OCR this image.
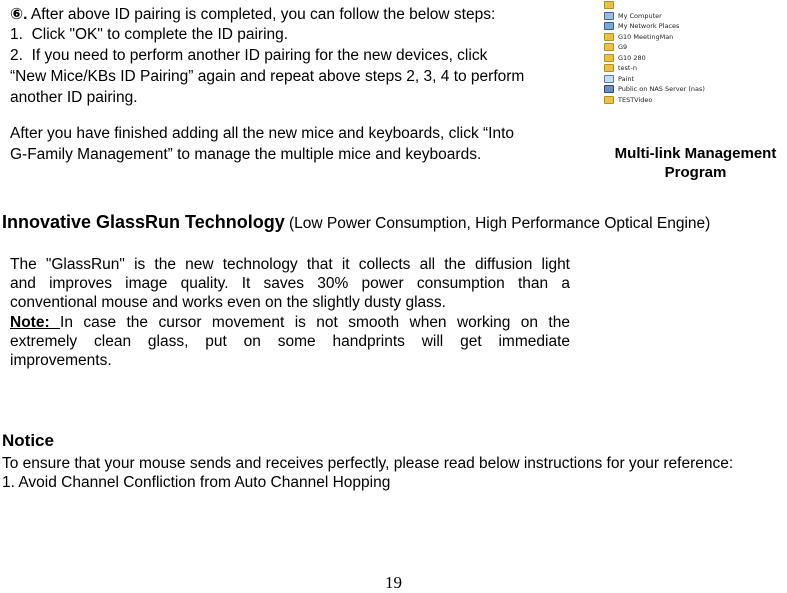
⑥. After above ID pairing is completed, you can follow the below steps:
1. Click "OK" to complete the ID pairing.
2. If you need to perform another ID pairing for the new devices, click
“New Mice/KBs ID Pairing” again and repeat above steps 2, 3, 4 to perform
another ID pairing.
After you have finished adding all the new mice and keyboards, click “Into
G-Family Management” to manage the multiple mice and keyboards.
My Computer
My Network Places
G10 MeetingMan
G9
G10 280
test-n
Paint
Public on NAS Server (nas)
TESTVideo
Multi-link Management
Program
Innovative GlassRun Technology (Low Power Consumption, High Performance Optical Engine)
The "GlassRun" is the new technology that it collects all the diffusion light
and improves image quality. It saves 30% power consumption than a
conventional mouse and works even on the slightly dusty glass.
Note: In case the cursor movement is not smooth when working on the
extremely clean glass, put on some handprints will get immediate
improvements.
Notice
To ensure that your mouse sends and receives perfectly, please read below instructions for your reference:
1. Avoid Channel Confliction from Auto Channel Hopping
19
